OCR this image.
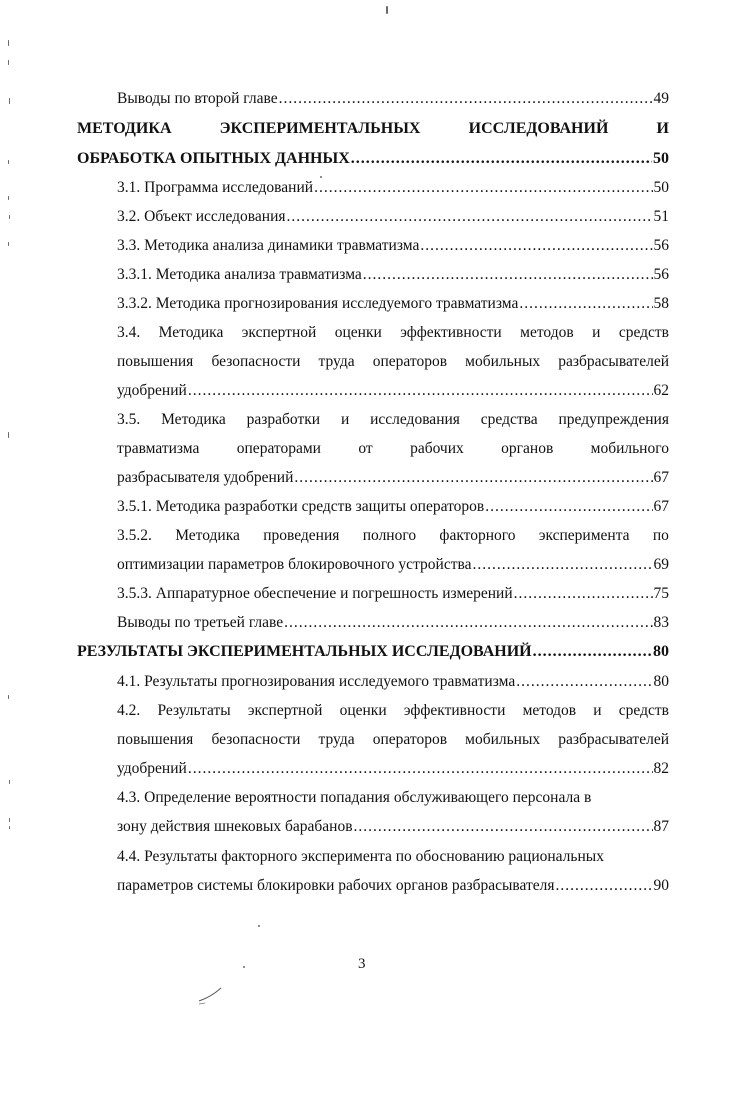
Выводы по второй главе .....	49
МЕТОДИКА	ЭКСПЕРИМЕНТАЛЬНЫХ	ИССЛЕДОВАНИЙ	И
ОБРАБОТКА ОПЫТНЫХ ДАННЫХ .....	50
3.1. Программа исследований .....	50
3.2. Объект исследования .....	51
3.3. Методика анализа динамики травматизма .....	56
3.3.1. Методика анализа травматизма .....	56
3.3.2. Методика прогнозирования исследуемого травматизма .....	58
3.4. Методика экспертной оценки эффективности методов и средств
повышения безопасности труда операторов мобильных разбрасывателей
удобрений .....	62
3.5. Методика разработки и исследования средства предупреждения
травматизма операторами от рабочих органов мобильного
разбрасывателя удобрений .....	67
3.5.1. Методика разработки средств защиты операторов .....	67
3.5.2. Методика проведения полного факторного эксперимента по
оптимизации параметров блокировочного устройства .....	69
3.5.3. Аппаратурное обеспечение и погрешность измерений .....	75
Выводы по третьей главе .....	83
РЕЗУЛЬТАТЫ ЭКСПЕРИМЕНТАЛЬНЫХ ИССЛЕДОВАНИЙ .....	80
4.1. Результаты прогнозирования исследуемого травматизма .....	80
4.2. Результаты экспертной оценки эффективности методов и средств
повышения безопасности труда операторов мобильных разбрасывателей
удобрений .....	82
4.3. Определение вероятности попадания обслуживающего персонала в
зону действия шнековых барабанов .....	87
4.4. Результаты факторного эксперимента по обоснованию рациональных
параметров системы блокировки рабочих органов разбрасывателя .....	90
3
